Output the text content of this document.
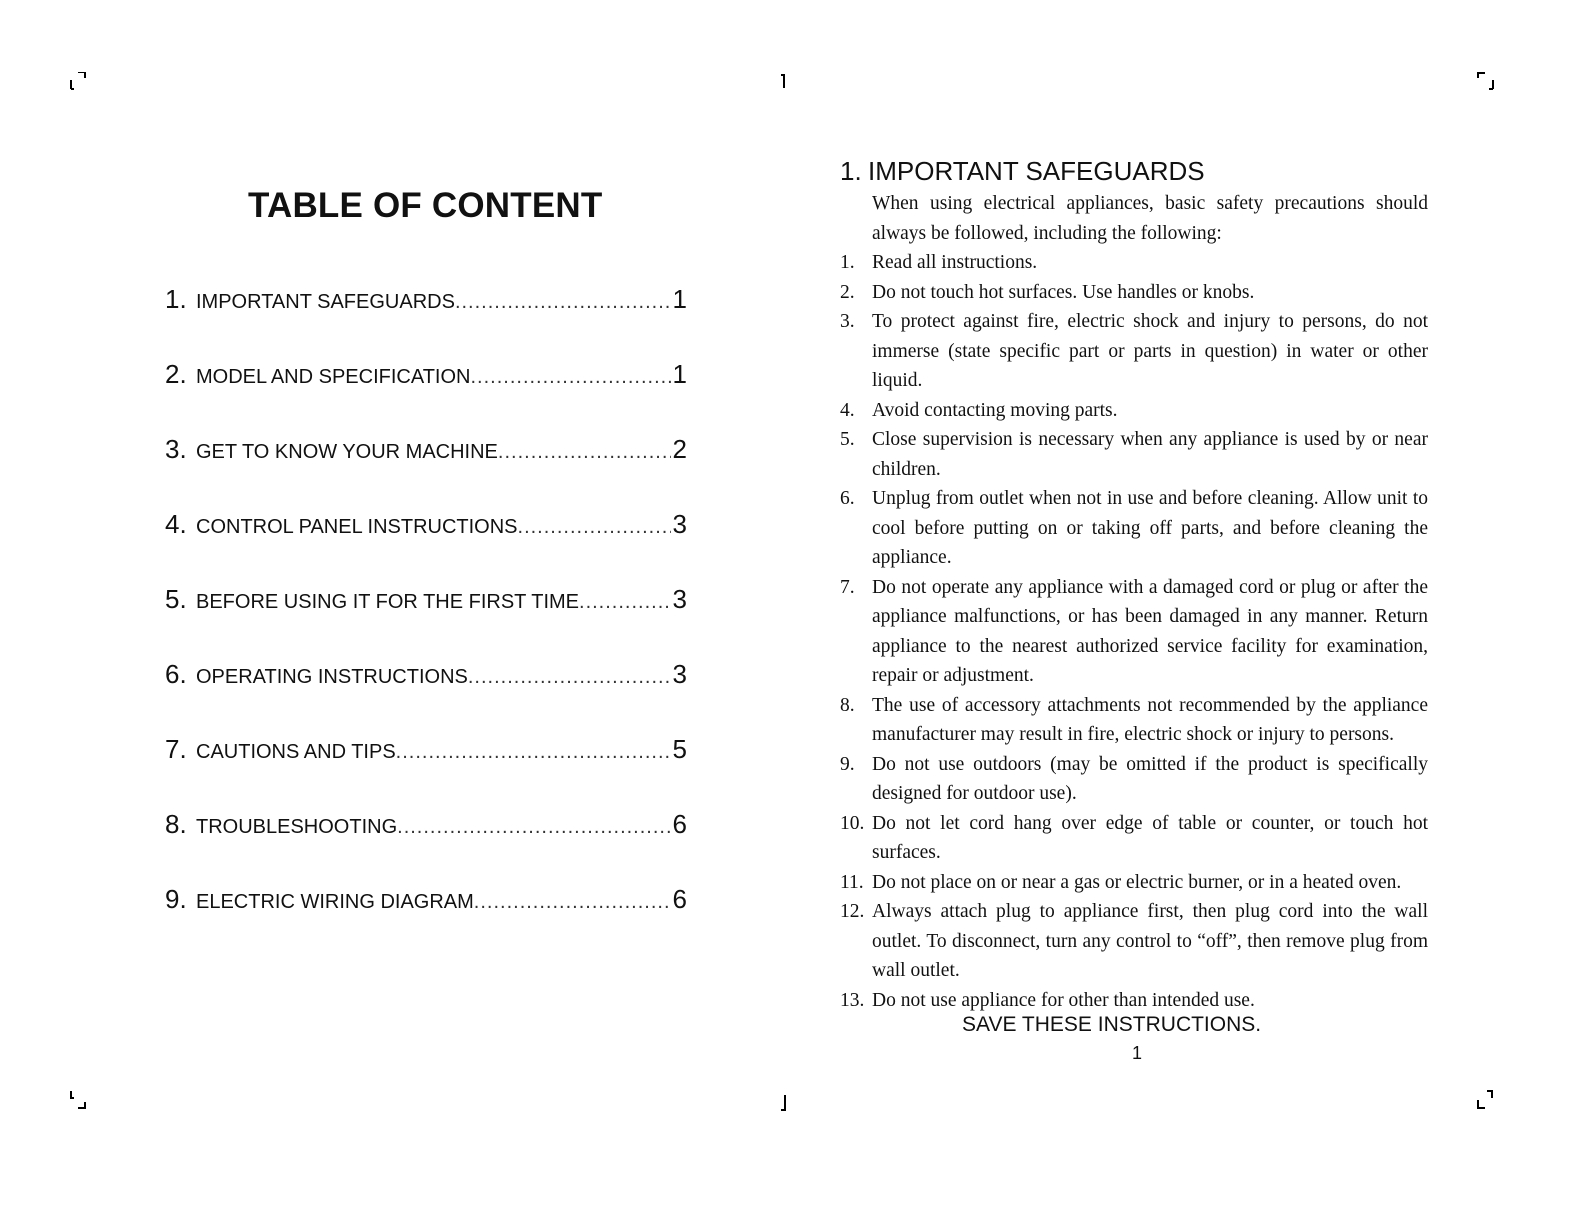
TABLE OF CONTENT
1. IMPORTANT SAFEGUARDS .....	1
2. MODEL AND SPECIFICATION .....	1
3. GET TO KNOW YOUR MACHINE .....	2
4. CONTROL PANEL INSTRUCTIONS .....	3
5. BEFORE USING IT FOR THE FIRST TIME .....	3
6. OPERATING INSTRUCTIONS .....	3
7. CAUTIONS AND TIPS .....	5
8. TROUBLESHOOTING .....	6
9. ELECTRIC WIRING DIAGRAM .....	6
1. IMPORTANT SAFEGUARDS

When using electrical appliances, basic safety precautions should always be followed, including the following:

1. Read all instructions.
2. Do not touch hot surfaces. Use handles or knobs.
3. To protect against fire, electric shock and injury to persons, do not immerse (state specific part or parts in question) in water or other liquid.
4. Avoid contacting moving parts.
5. Close supervision is necessary when any appliance is used by or near children.
6. Unplug from outlet when not in use and before cleaning. Allow unit to cool before putting on or taking off parts, and before cleaning the appliance.
7. Do not operate any appliance with a damaged cord or plug or after the appliance malfunctions, or has been damaged in any manner. Return appliance to the nearest authorized service facility for examination, repair or adjustment.
8. The use of accessory attachments not recommended by the appliance manufacturer may result in fire, electric shock or injury to persons.
9. Do not use outdoors (may be omitted if the product is specifically designed for outdoor use).
10. Do not let cord hang over edge of table or counter, or touch hot surfaces.
11. Do not place on or near a gas or electric burner, or in a heated oven.
12. Always attach plug to appliance first, then plug cord into the wall outlet. To disconnect, turn any control to “off”, then remove plug from wall outlet.
13. Do not use appliance for other than intended use.
SAVE THESE INSTRUCTIONS.
1
